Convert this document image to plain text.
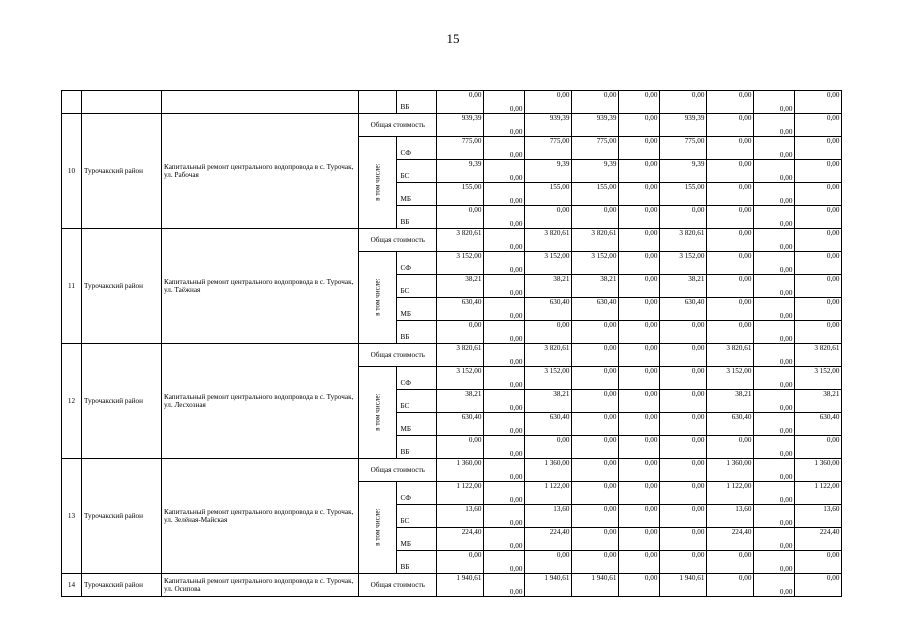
15
				ВБ	0,00	0,00	0,00	0,00	0,00	0,00	0,00	0,00	0,00
10	Турочакский район	Капитальный ремонт центрального водопровода в с. Турочак, ул. Рабочая	Общая стоимость		939,39	0,00	939,39	939,39	0,00	939,39	0,00	0,00	0,00
			в том числе:	СФ	775,00	0,00	775,00	775,00	0,00	775,00	0,00	0,00	0,00
				БС	9,39	0,00	9,39	9,39	0,00	9,39	0,00	0,00	0,00
				МБ	155,00	0,00	155,00	155,00	0,00	155,00	0,00	0,00	0,00
				ВБ	0,00	0,00	0,00	0,00	0,00	0,00	0,00	0,00	0,00
11	Турочакский район	Капитальный ремонт центрального водопровода в с. Турочак, ул. Таёжная	Общая стоимость		3 820,61	0,00	3 820,61	3 820,61	0,00	3 820,61	0,00	0,00	0,00
			в том числе:	СФ	3 152,00	0,00	3 152,00	3 152,00	0,00	3 152,00	0,00	0,00	0,00
				БС	38,21	0,00	38,21	38,21	0,00	38,21	0,00	0,00	0,00
				МБ	630,40	0,00	630,40	630,40	0,00	630,40	0,00	0,00	0,00
				ВБ	0,00	0,00	0,00	0,00	0,00	0,00	0,00	0,00	0,00
12	Турочакский район	Капитальный ремонт центрального водопровода в с. Турочак, ул. Лесхозная	Общая стоимость		3 820,61	0,00	3 820,61	0,00	0,00	0,00	3 820,61	0,00	3 820,61
			в том числе:	СФ	3 152,00	0,00	3 152,00	0,00	0,00	0,00	3 152,00	0,00	3 152,00
				БС	38,21	0,00	38,21	0,00	0,00	0,00	38,21	0,00	38,21
				МБ	630,40	0,00	630,40	0,00	0,00	0,00	630,40	0,00	630,40
				ВБ	0,00	0,00	0,00	0,00	0,00	0,00	0,00	0,00	0,00
13	Турочакский район	Капитальный ремонт центрального водопровода в с. Турочак, ул. Зелёная-Майская	Общая стоимость		1 360,00	0,00	1 360,00	0,00	0,00	0,00	1 360,00	0,00	1 360,00
			в том числе:	СФ	1 122,00	0,00	1 122,00	0,00	0,00	0,00	1 122,00	0,00	1 122,00
				БС	13,60	0,00	13,60	0,00	0,00	0,00	13,60	0,00	13,60
				МБ	224,40	0,00	224,40	0,00	0,00	0,00	224,40	0,00	224,40
				ВБ	0,00	0,00	0,00	0,00	0,00	0,00	0,00	0,00	0,00
14	Турочакский район	Капитальный ремонт центрального водопровода в с. Турочак, ул. Осипова	Общая стоимость		1 940,61	0,00	1 940,61	1 940,61	0,00	1 940,61	0,00	0,00	0,00
